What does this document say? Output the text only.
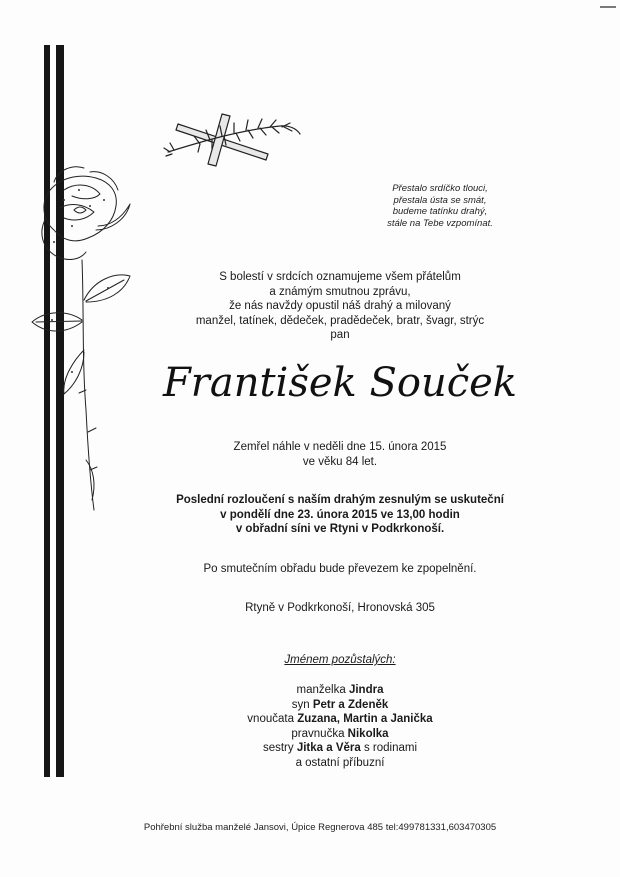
Přestalo srdíčko tlouci,
přestala ústa se smát,
budeme tatínku drahý,
stále na Tebe vzpomínat.
S bolestí v srdcích oznamujeme všem přátelům
a známým smutnou zprávu,
že nás navždy opustil náš drahý a milovaný
manžel, tatínek, dědeček, pradědeček, bratr, švagr, strýc
pan
František Souček
Zemřel náhle v neděli dne 15. února 2015
ve věku 84 let.
Poslední rozloučení s naším drahým zesnulým se uskuteční
v pondělí dne 23. února 2015 ve 13,00 hodin
v obřadní síni ve Rtyni v Podkrkonoší.
Po smutečním obřadu bude převezem ke zpopelnění.
Rtyně v Podkrkonoší, Hronovská 305
Jménem pozůstalých:
manželka Jindra
syn Petr a Zdeněk
vnoučata Zuzana, Martin a Janička
pravnučka Nikolka
sestry Jitka a Věra s rodinami
a ostatní příbuzní
Pohřební služba manželé Jansovi, Úpice Regnerova 485 tel:499781331,603470305
